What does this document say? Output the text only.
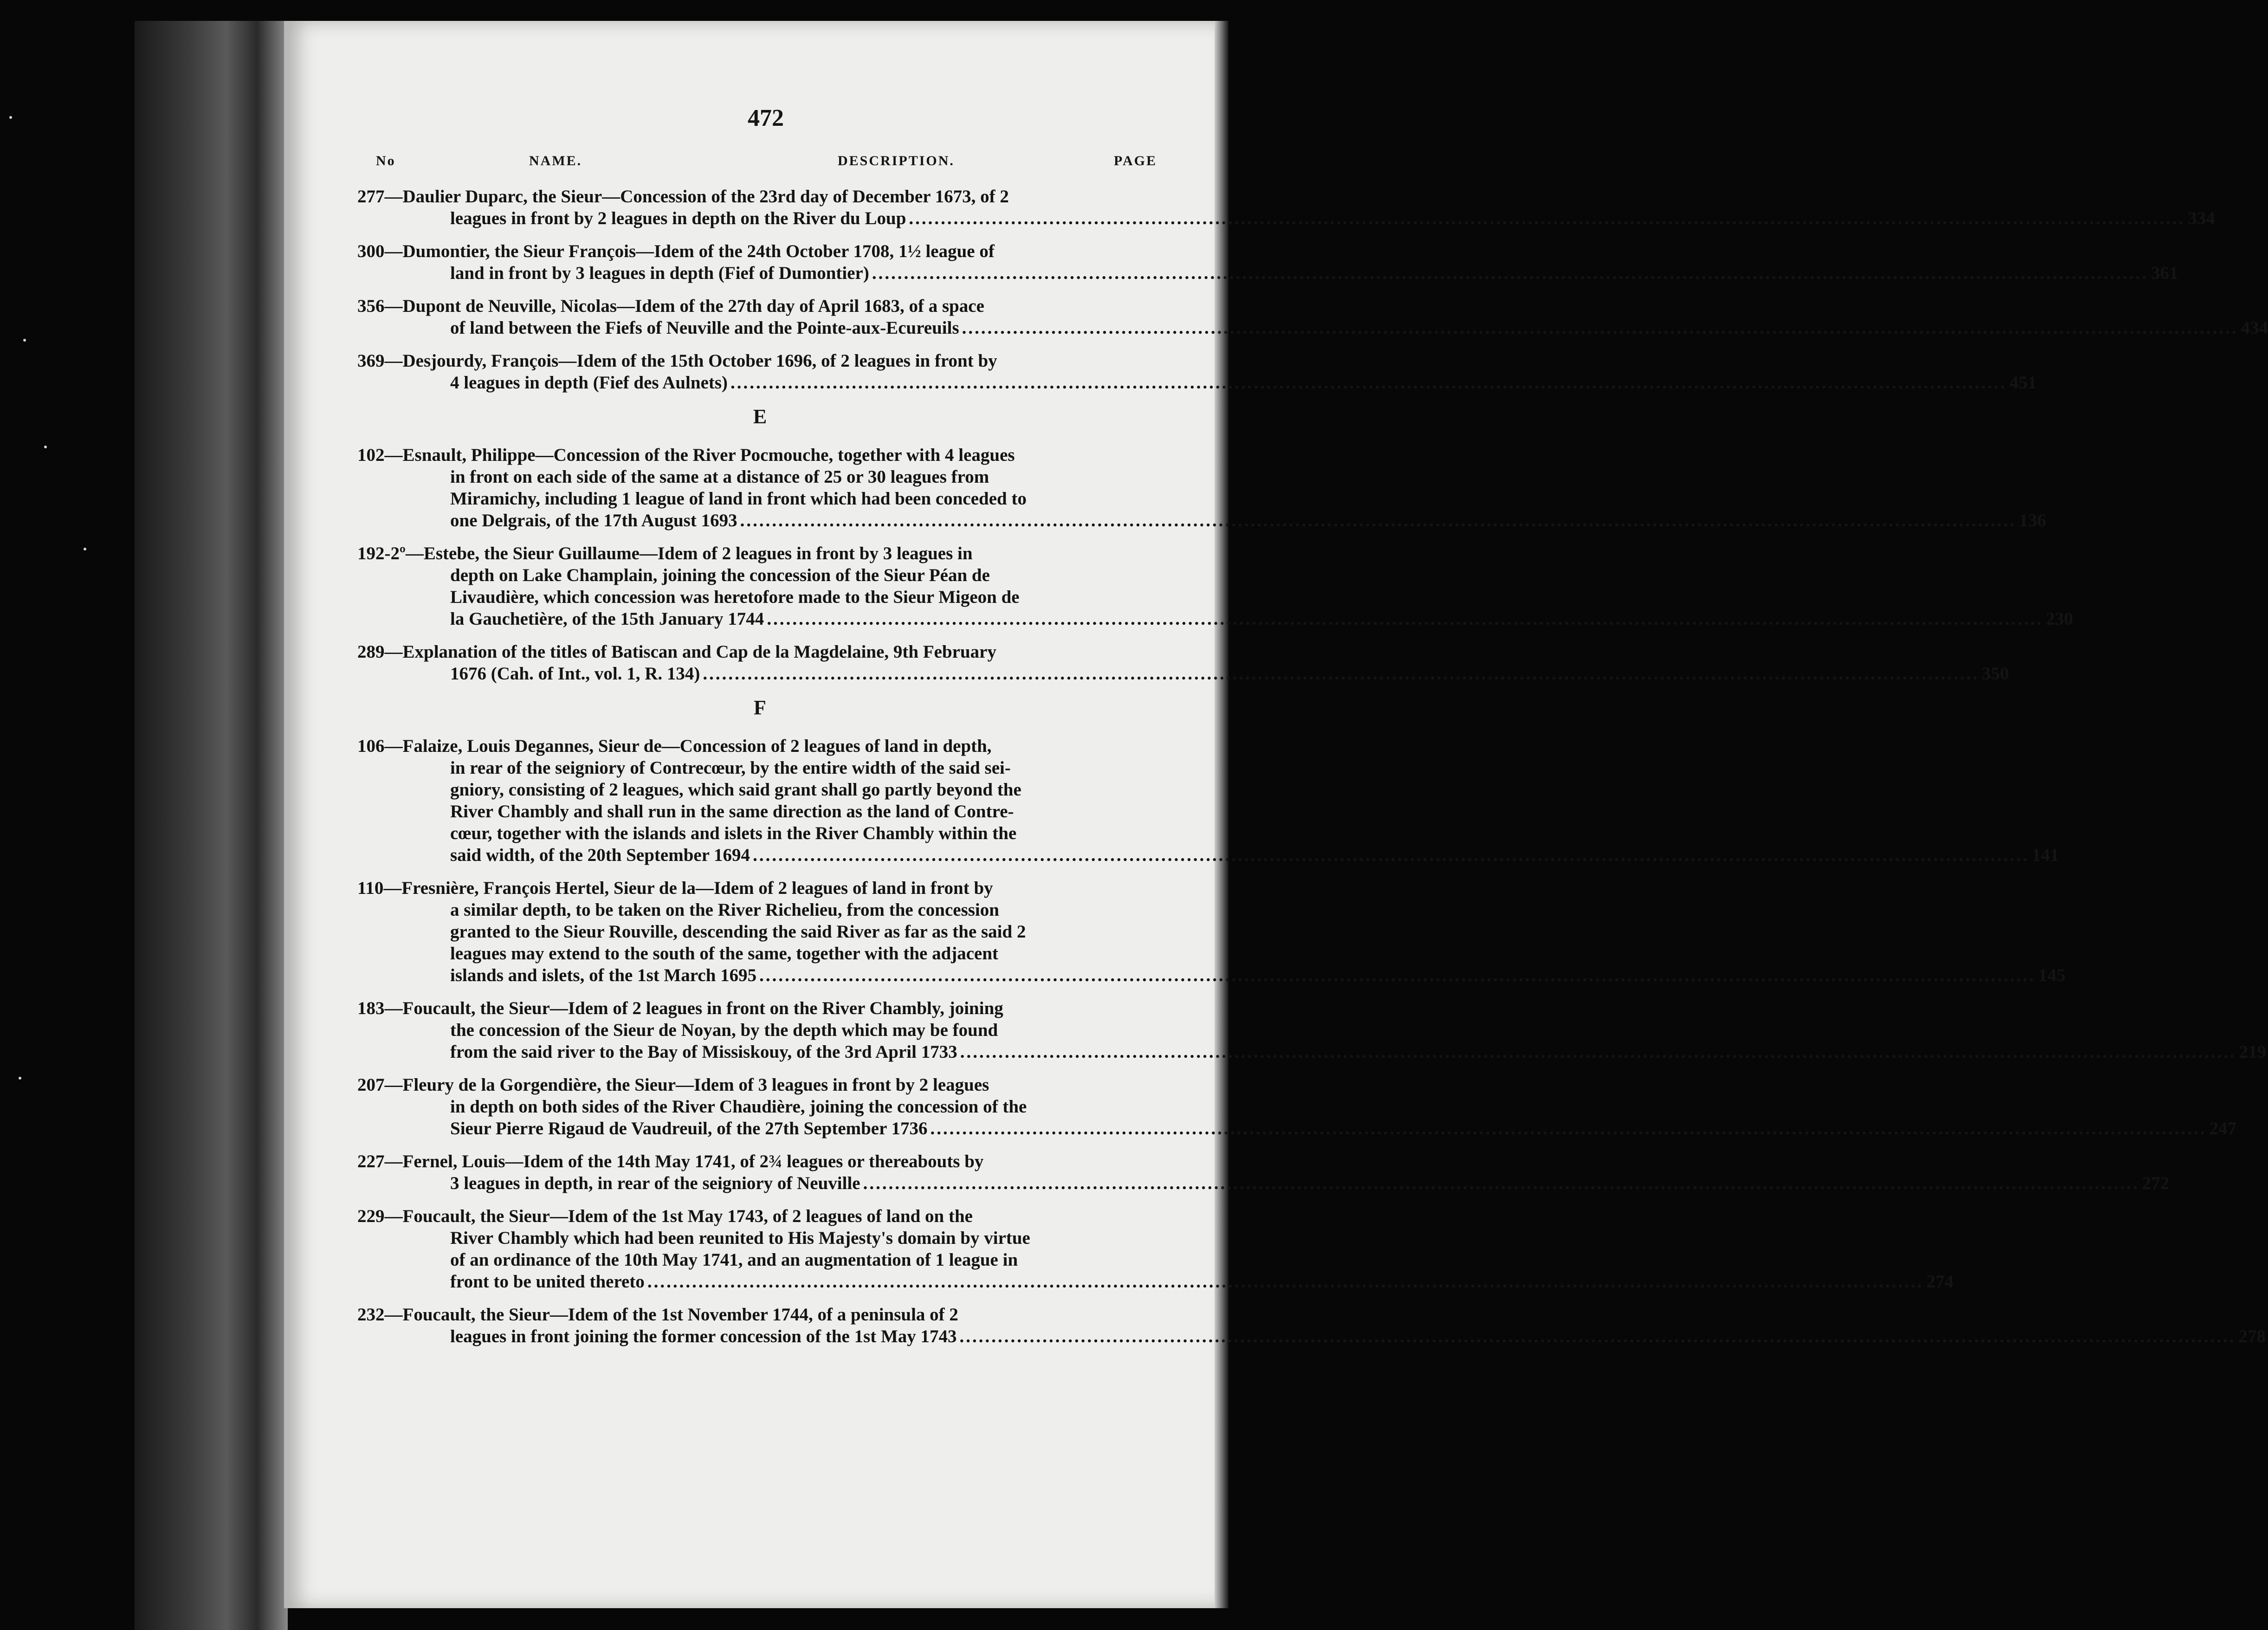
472
No	NAME.	DESCRIPTION.	PAGE
277—Daulier Duparc, the Sieur—Concession of the 23rd day of December 1673, of 2
leagues in front by 2 leagues in depth on the River du Loup ........................................................................................................................................................................................................ 334
300—Dumontier, the Sieur François—Idem of the 24th October 1708, 1½ league of
land in front by 3 leagues in depth (Fief of Dumontier) ........................................................................................................................................................................................................ 361
356—Dupont de Neuville, Nicolas—Idem of the 27th day of April 1683, of a space
of land between the Fiefs of Neuville and the Pointe-aux-Ecureuils ........................................................................................................................................................................................................ 434
369—Desjourdy, François—Idem of the 15th October 1696, of 2 leagues in front by
4 leagues in depth (Fief des Aulnets) ........................................................................................................................................................................................................ 451
E
102—Esnault, Philippe—Concession of the River Pocmouche, together with 4 leagues
in front on each side of the same at a distance of 25 or 30 leagues from
Miramichy, including 1 league of land in front which had been conceded to
one Delgrais, of the 17th August 1693 ........................................................................................................................................................................................................ 136
192-2º—Estebe, the Sieur Guillaume—Idem of 2 leagues in front by 3 leagues in
depth on Lake Champlain, joining the concession of the Sieur Péan de
Livaudière, which concession was heretofore made to the Sieur Migeon de
la Gauchetière, of the 15th January 1744 ........................................................................................................................................................................................................ 230
289—Explanation of the titles of Batiscan and Cap de la Magdelaine, 9th February
1676 (Cah. of Int., vol. 1, R. 134) ........................................................................................................................................................................................................ 350
F
106—Falaize, Louis Degannes, Sieur de—Concession of 2 leagues of land in depth,
in rear of the seigniory of Contrecœur, by the entire width of the said sei-
gniory, consisting of 2 leagues, which said grant shall go partly beyond the
River Chambly and shall run in the same direction as the land of Contre-
cœur, together with the islands and islets in the River Chambly within the
said width, of the 20th September 1694 ........................................................................................................................................................................................................ 141
110—Fresnière, François Hertel, Sieur de la—Idem of 2 leagues of land in front by
a similar depth, to be taken on the River Richelieu, from the concession
granted to the Sieur Rouville, descending the said River as far as the said 2
leagues may extend to the south of the same, together with the adjacent
islands and islets, of the 1st March 1695 ........................................................................................................................................................................................................ 145
183—Foucault, the Sieur—Idem of 2 leagues in front on the River Chambly, joining
the concession of the Sieur de Noyan, by the depth which may be found
from the said river to the Bay of Missiskouy, of the 3rd April 1733 ........................................................................................................................................................................................................ 219
207—Fleury de la Gorgendière, the Sieur—Idem of 3 leagues in front by 2 leagues
in depth on both sides of the River Chaudière, joining the concession of the
Sieur Pierre Rigaud de Vaudreuil, of the 27th September 1736 ........................................................................................................................................................................................................ 247
227—Fernel, Louis—Idem of the 14th May 1741, of 2¾ leagues or thereabouts by
3 leagues in depth, in rear of the seigniory of Neuville ........................................................................................................................................................................................................ 272
229—Foucault, the Sieur—Idem of the 1st May 1743, of 2 leagues of land on the
River Chambly which had been reunited to His Majesty's domain by virtue
of an ordinance of the 10th May 1741, and an augmentation of 1 league in
front to be united thereto ........................................................................................................................................................................................................ 274
232—Foucault, the Sieur—Idem of the 1st November 1744, of a peninsula of 2
leagues in front joining the former concession of the 1st May 1743 ........................................................................................................................................................................................................ 278
